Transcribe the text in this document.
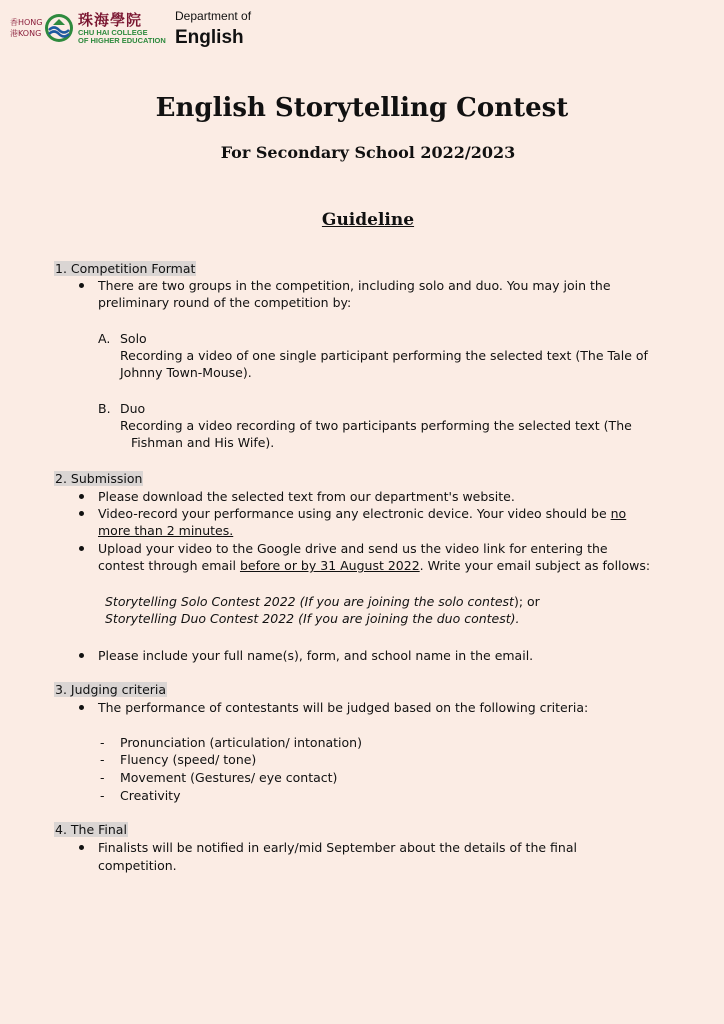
香HONG
港KONG
珠海學院
CHU HAI COLLEGE
OF HIGHER EDUCATION
Department of
English
English Storytelling Contest
For Secondary School 2022/2023
Guideline
1. Competition Format
There are two groups in the competition, including solo and duo. You may join the
preliminary round of the competition by:
A. Solo
Recording a video of one single participant performing the selected text (The Tale of
Johnny Town-Mouse).
B. Duo
Recording a video recording of two participants performing the selected text (The
Fishman and His Wife).
2. Submission
Please download the selected text from our department's website.
Video-record your performance using any electronic device. Your video should be no
more than 2 minutes.
Upload your video to the Google drive and send us the video link for entering the
contest through email before or by 31 August 2022. Write your email subject as follows:
Storytelling Solo Contest 2022 (If you are joining the solo contest); or
Storytelling Duo Contest 2022 (If you are joining the duo contest).
Please include your full name(s), form, and school name in the email.
3. Judging criteria
The performance of contestants will be judged based on the following criteria:
- Pronunciation (articulation/ intonation)
- Fluency (speed/ tone)
- Movement (Gestures/ eye contact)
- Creativity
4. The Final
Finalists will be notified in early/mid September about the details of the final
competition.
